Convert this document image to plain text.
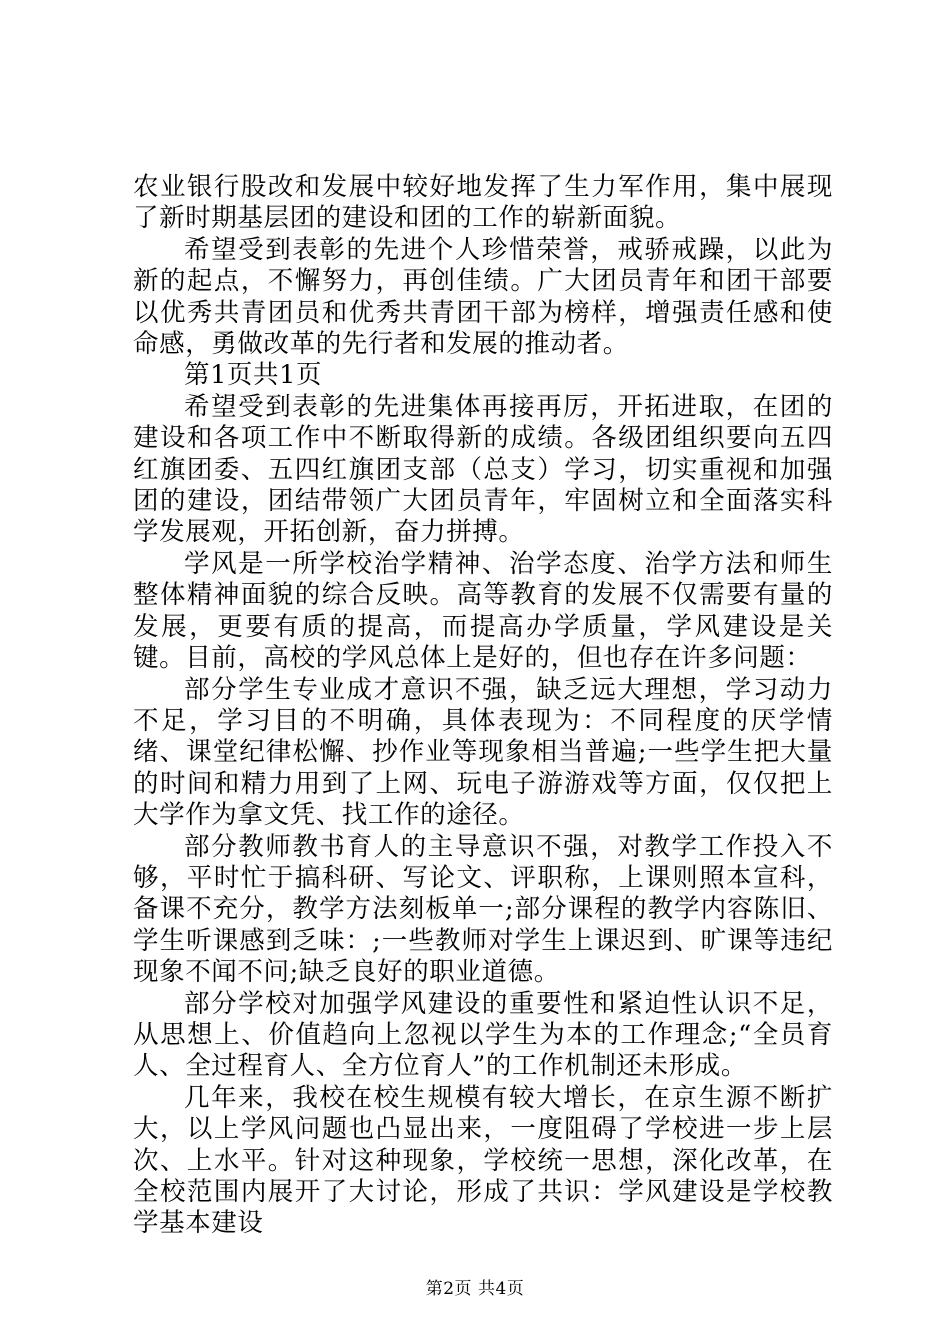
农业银行股改和发展中较好地发挥了生力军作用，集中展现了新时期基层团的建设和团的工作的崭新面貌。

希望受到表彰的先进个人珍惜荣誉，戒骄戒躁，以此为新的起点，不懈努力，再创佳绩。广大团员青年和团干部要以优秀共青团员和优秀共青团干部为榜样，增强责任感和使命感，勇做改革的先行者和发展的推动者。

第1页共1页

希望受到表彰的先进集体再接再厉，开拓进取，在团的建设和各项工作中不断取得新的成绩。各级团组织要向五四红旗团委、五四红旗团支部（总支）学习，切实重视和加强团的建设，团结带领广大团员青年，牢固树立和全面落实科学发展观，开拓创新，奋力拼搏。

学风是一所学校治学精神、治学态度、治学方法和师生整体精神面貌的综合反映。高等教育的发展不仅需要有量的发展，更要有质的提高，而提高办学质量，学风建设是关键。目前，高校的学风总体上是好的，但也存在许多问题：

部分学生专业成才意识不强，缺乏远大理想，学习动力不足，学习目的不明确，具体表现为：不同程度的厌学情绪、课堂纪律松懈、抄作业等现象相当普遍;一些学生把大量的时间和精力用到了上网、玩电子游游戏等方面，仅仅把上大学作为拿文凭、找工作的途径。

部分教师教书育人的主导意识不强，对教学工作投入不够，平时忙于搞科研、写论文、评职称，上课则照本宣科，备课不充分，教学方法刻板单一;部分课程的教学内容陈旧、学生听课感到乏味：;一些教师对学生上课迟到、旷课等违纪现象不闻不问;缺乏良好的职业道德。

部分学校对加强学风建设的重要性和紧迫性认识不足，从思想上、价值趋向上忽视以学生为本的工作理念;“全员育人、全过程育人、全方位育人”的工作机制还未形成。

几年来，我校在校生规模有较大增长，在京生源不断扩大，以上学风问题也凸显出来，一度阻碍了学校进一步上层次、上水平。针对这种现象，学校统一思想，深化改革，在全校范围内展开了大讨论，形成了共识：学风建设是学校教学基本建设

第2页 共4页
